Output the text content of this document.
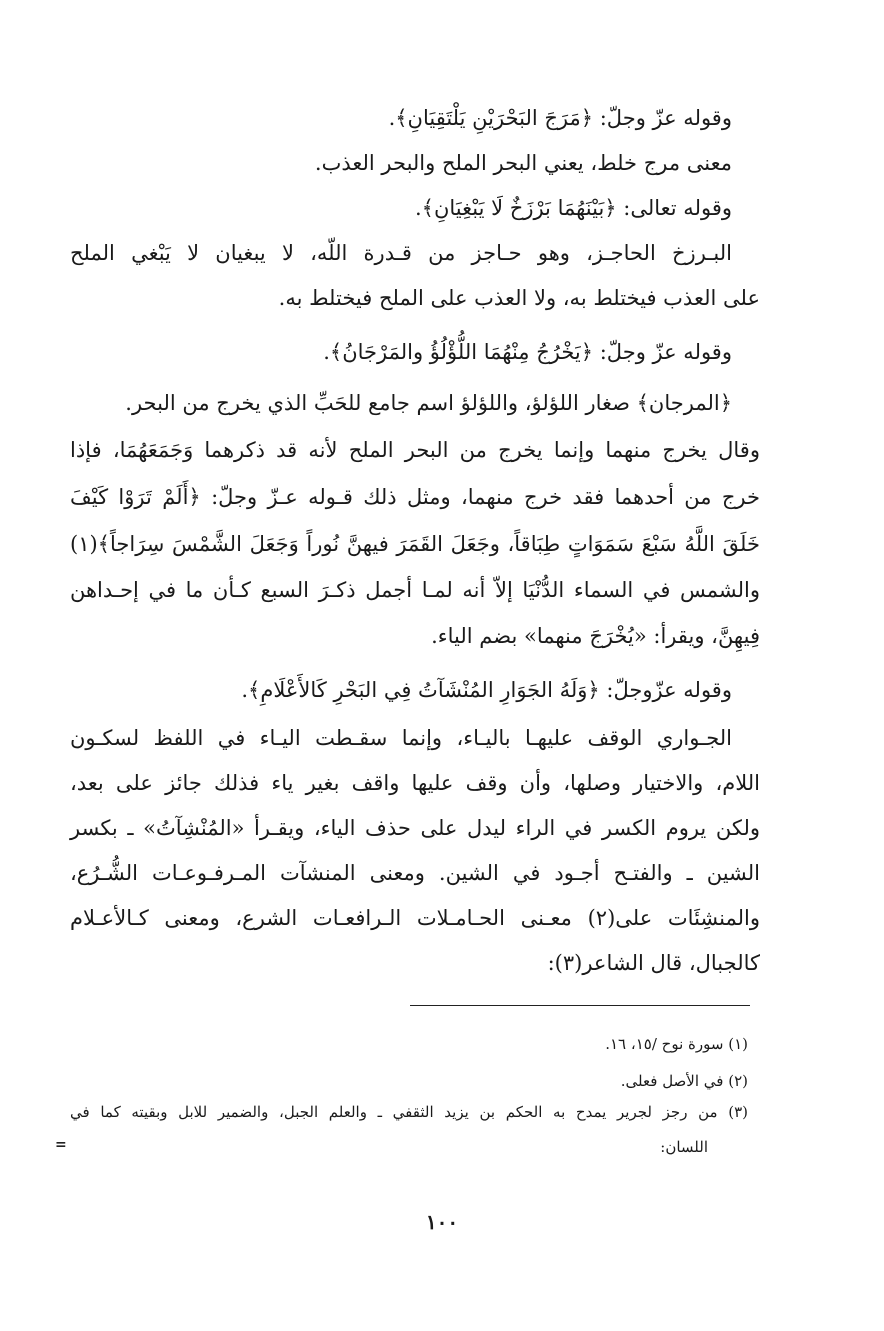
وقوله عزّ وجلّ: ﴿مَرَجَ البَحْرَيْنِ يَلْتَقِيَانِ﴾.
معنى مرج خلط، يعني البحر الملح والبحر العذب.
وقوله تعالى: ﴿بَيْنَهُمَا بَرْزَخٌ لَا يَبْغِيَانِ﴾.
البـرزخ الحاجـز، وهو حـاجز من قـدرة اللّه، لا يبغيان لا يَبْغي الملح
على العذب فيختلط به، ولا العذب على الملح فيختلط به.
وقوله عزّ وجلّ: ﴿يَخْرُجُ مِنْهُمَا اللُّؤْلُؤُ والمَرْجَانُ﴾.
﴿المرجان﴾ صغار اللؤلؤ، واللؤلؤ اسم جامع للحَبِّ الذي يخرج من البحر.
وقال يخرج منهما وإنما يخرج من البحر الملح لأنه قد ذكرهما وَجَمَعَهُمَا، فإذا
خرج من أحدهما فقد خرج منهما، ومثل ذلك قـوله عـزّ وجلّ: ﴿أَلَمْ تَرَوْا كَيْفَ
خَلَقَ اللَّهُ سَبْعَ سَمَوَاتٍ طِبَاقاً، وجَعَلَ القَمَرَ فيهنَّ نُوراً وَجَعَلَ الشَّمْسَ سِرَاجاً﴾(١)
والشمس في السماء الدُّنْيَا إلاّ أنه لمـا أجمل ذكـرَ السبع كـأن ما في إحـداهن
فِيهِنَّ، ويقرأ: «يُخْرَجَ منهما» بضم الياء.
وقوله عزّوجلّ: ﴿وَلَهُ الجَوَارِ المُنْشَآتُ فِي البَحْرِ كَالأَعْلَامِ﴾.
الجـواري الوقف عليهـا باليـاء، وإنما سقـطت اليـاء في اللفظ لسكـون
اللام، والاختيار وصلها، وأن وقف عليها واقف بغير ياء فذلك جائز على بعد،
ولكن يروم الكسر في الراء ليدل على حذف الياء، ويقـرأ «المُنْشِآتُ» ـ بكسر
الشين ـ والفتـح أجـود في الشين. ومعنى المنشآت المـرفـوعـات الشُّـرُع،
والمنشِئَات على(٢) معـنى الحـامـلات الـرافعـات الشرع، ومعنى كـالأعـلام
كالجبال، قال الشاعر(٣):
(١) سورة نوح /١٥، ١٦.
(٢) في الأصل فعلى.
(٣) من رجز لجرير يمدح به الحكم بن يزيد الثقفي ـ والعلم الجبل، والضمير للابل وبقيته كما في
اللسان:
=
١٠٠
